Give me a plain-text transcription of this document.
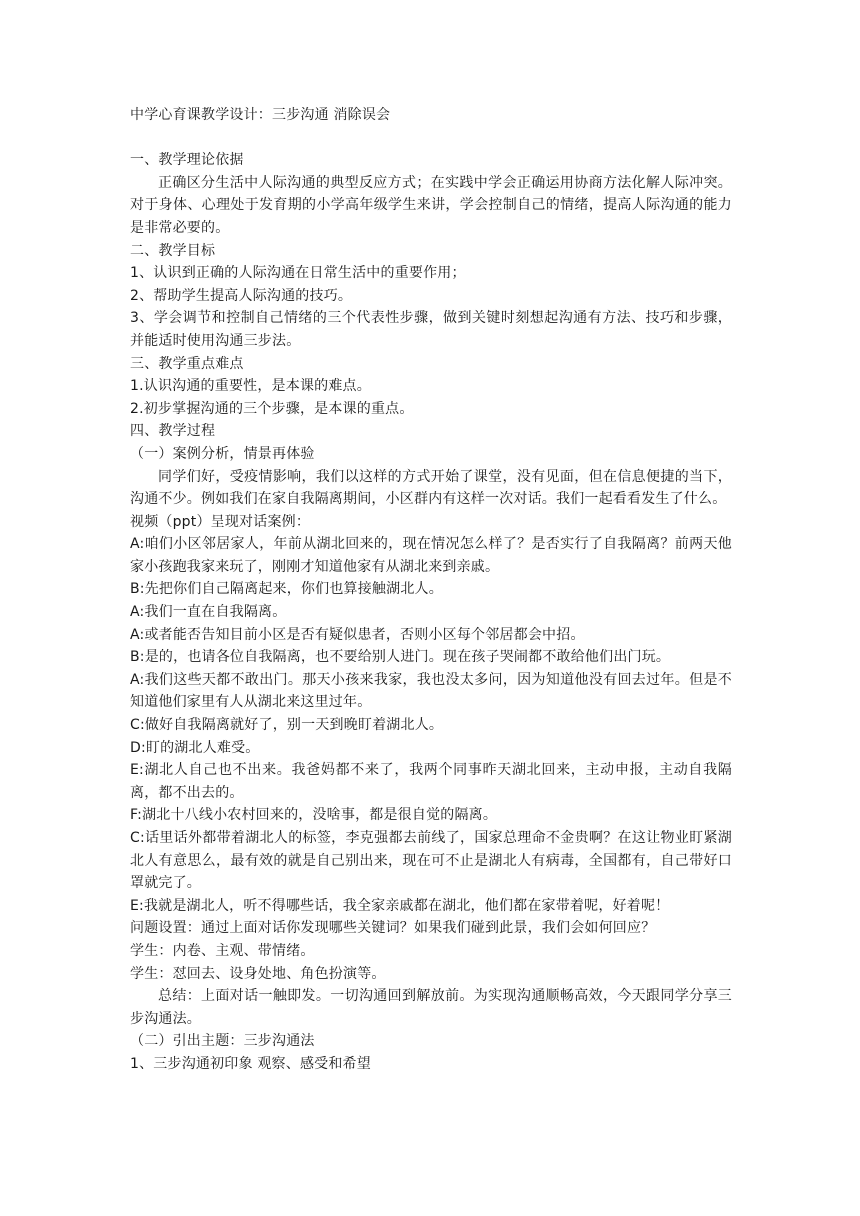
中学心育课教学设计：三步沟通 消除误会

一、教学理论依据

正确区分生活中人际沟通的典型反应方式；在实践中学会正确运用协商方法化解人际冲突。对于身体、心理处于发育期的小学高年级学生来讲，学会控制自己的情绪，提高人际沟通的能力是非常必要的。

二、教学目标

1、认识到正确的人际沟通在日常生活中的重要作用；

2、帮助学生提高人际沟通的技巧。

3、学会调节和控制自己情绪的三个代表性步骤，做到关键时刻想起沟通有方法、技巧和步骤，并能适时使用沟通三步法。

三、教学重点难点

1.认识沟通的重要性，是本课的难点。

2.初步掌握沟通的三个步骤，是本课的重点。

四、教学过程

（一）案例分析，情景再体验

同学们好，受疫情影响，我们以这样的方式开始了课堂，没有见面，但在信息便捷的当下，沟通不少。例如我们在家自我隔离期间，小区群内有这样一次对话。我们一起看看发生了什么。

视频（ppt）呈现对话案例：

A:咱们小区邻居家人，年前从湖北回来的，现在情况怎么样了？是否实行了自我隔离？前两天他家小孩跑我家来玩了，刚刚才知道他家有从湖北来到亲戚。

B:先把你们自己隔离起来，你们也算接触湖北人。

A:我们一直在自我隔离。

A:或者能否告知目前小区是否有疑似患者，否则小区每个邻居都会中招。

B:是的，也请各位自我隔离，也不要给别人进门。现在孩子哭闹都不敢给他们出门玩。

A:我们这些天都不敢出门。那天小孩来我家，我也没太多问，因为知道他没有回去过年。但是不知道他们家里有人从湖北来这里过年。

C:做好自我隔离就好了，别一天到晚盯着湖北人。

D:盯的湖北人难受。

E:湖北人自己也不出来。我爸妈都不来了，我两个同事昨天湖北回来，主动申报，主动自我隔离，都不出去的。

F:湖北十八线小农村回来的，没啥事，都是很自觉的隔离。

C:话里话外都带着湖北人的标签，李克强都去前线了，国家总理命不金贵啊？在这让物业盯紧湖北人有意思么，最有效的就是自己别出来，现在可不止是湖北人有病毒，全国都有，自己带好口罩就完了。

E:我就是湖北人，听不得哪些话，我全家亲戚都在湖北，他们都在家带着呢，好着呢！

问题设置：通过上面对话你发现哪些关键词？如果我们碰到此景，我们会如何回应？

学生：内卷、主观、带情绪。

学生：怼回去、设身处地、角色扮演等。

总结：上面对话一触即发。一切沟通回到解放前。为实现沟通顺畅高效，今天跟同学分享三步沟通法。

（二）引出主题：三步沟通法

1、三步沟通初印象 观察、感受和希望
